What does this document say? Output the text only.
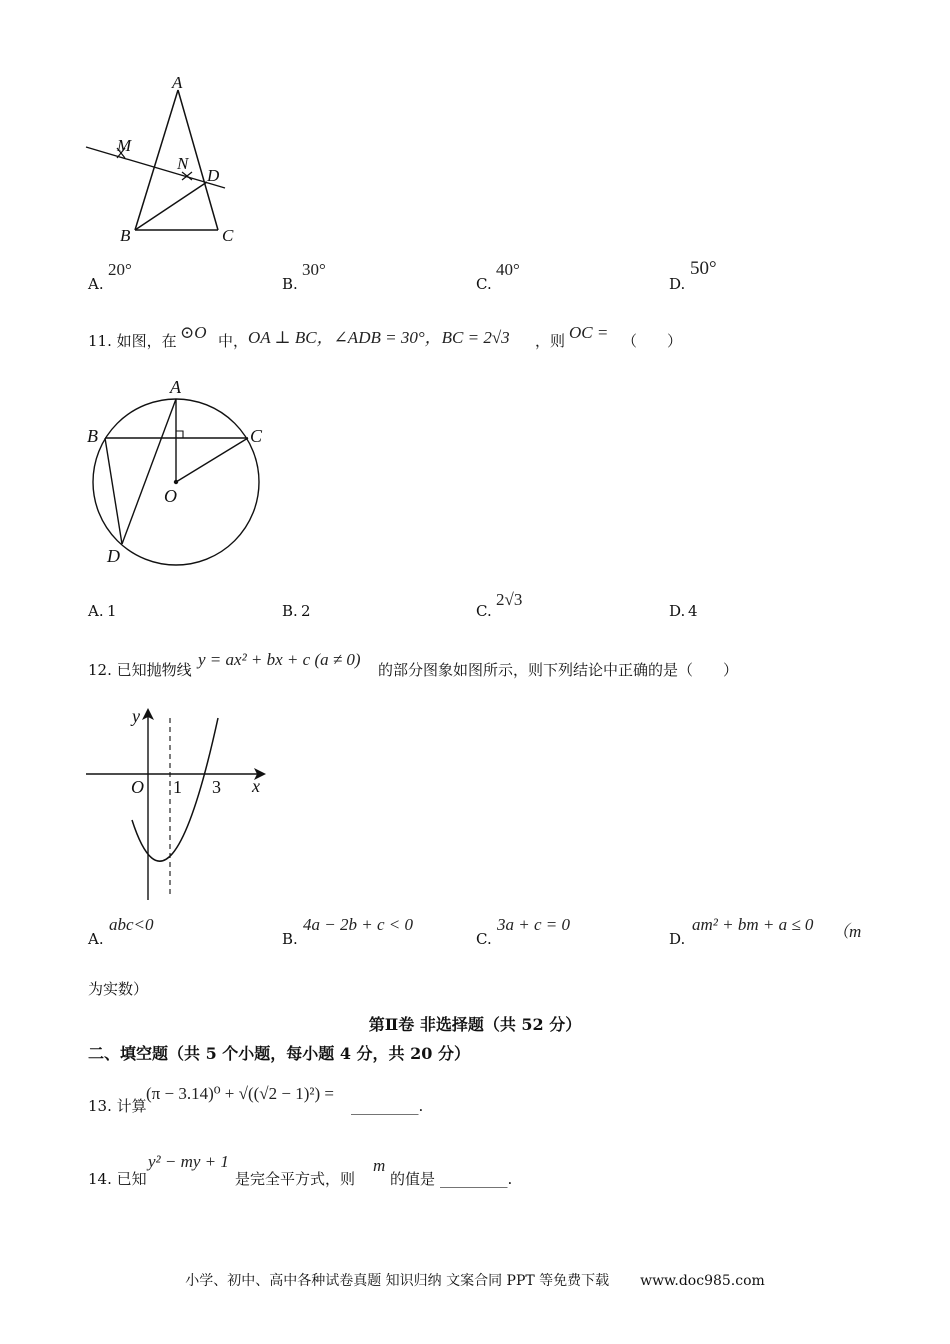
A
M
N
D
B	C
A.
20°
B.
30°
C.
40°
D.
50°
11. 如图，在 ⊙O 中， OA ⊥ BC，∠ADB = 30°，BC = 2√3 ，则 OC = （　　）
A
B	C
O
D
A. 1	B. 2	C.
2√3
D. 4
12. 已知抛物线
y = ax² + bx + c (a ≠ 0)
的部分图象如图所示，则下列结论中正确的是（　　）
y
x
O 1 3
A.
abc<0
B.
4a − 2b + c < 0
C.
3a + c = 0
D.
am² + bm + a ≤ 0 （m
为实数）
第Ⅱ卷 非选择题（共 52 分）
二、填空题（共 5 个小题，每小题 4 分，共 20 分）
13. 计算
(π − 3.14)⁰ + √((√2 − 1)²) =
_________.
14. 已知
y² − my + 1
是完全平方式，则
m
的值是 _________.
小学、初中、高中各种试卷真题 知识归纳 文案合同 PPT 等免费下载 www.doc985.com
